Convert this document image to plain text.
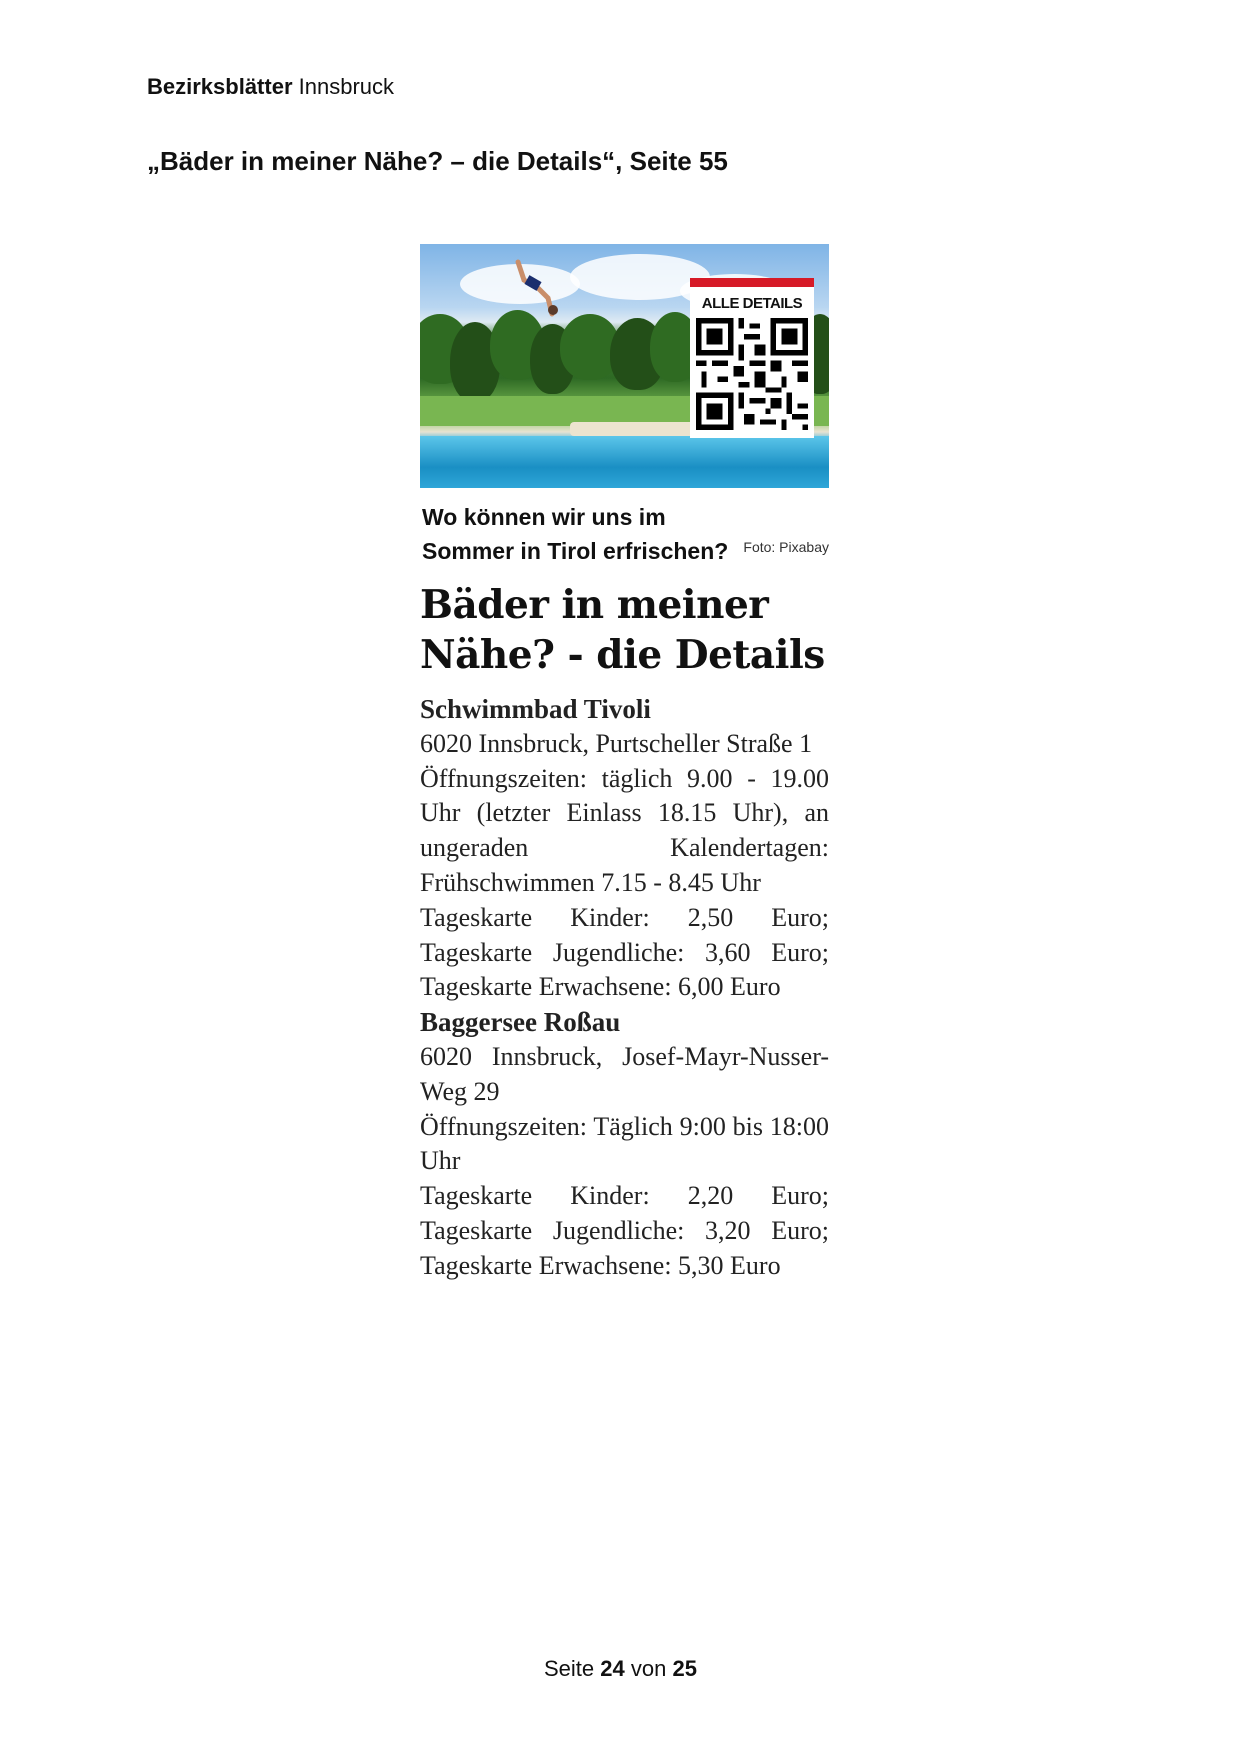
Bezirksblätter Innsbruck
„Bäder in meiner Nähe? – die Details“, Seite 55
ALLE DETAILS
Wo können wir uns im Sommer in Tirol erfrischen?	Foto: Pixabay
Bäder in meiner Nähe? - die Details
Schwimmbad Tivoli

6020 Innsbruck, Purtscheller Straße 1

Öffnungszeiten: täglich 9.00 - 19.00 Uhr (letzter Einlass 18.15 Uhr), an ungeraden Kalendertagen: Frühschwimmen 7.15 - 8.45 Uhr

Tageskarte Kinder: 2,50 Euro; Tageskarte Jugendliche: 3,60 Euro; Tageskarte Erwachsene: 6,00 Euro

Baggersee Roßau

6020 Innsbruck, Josef-Mayr-Nusser-Weg 29

Öffnungszeiten: Täglich 9:00 bis 18:00 Uhr

Tageskarte Kinder: 2,20 Euro; Tageskarte Jugendliche: 3,20 Euro; Tageskarte Erwachsene: 5,30 Euro

Seite 24 von 25
